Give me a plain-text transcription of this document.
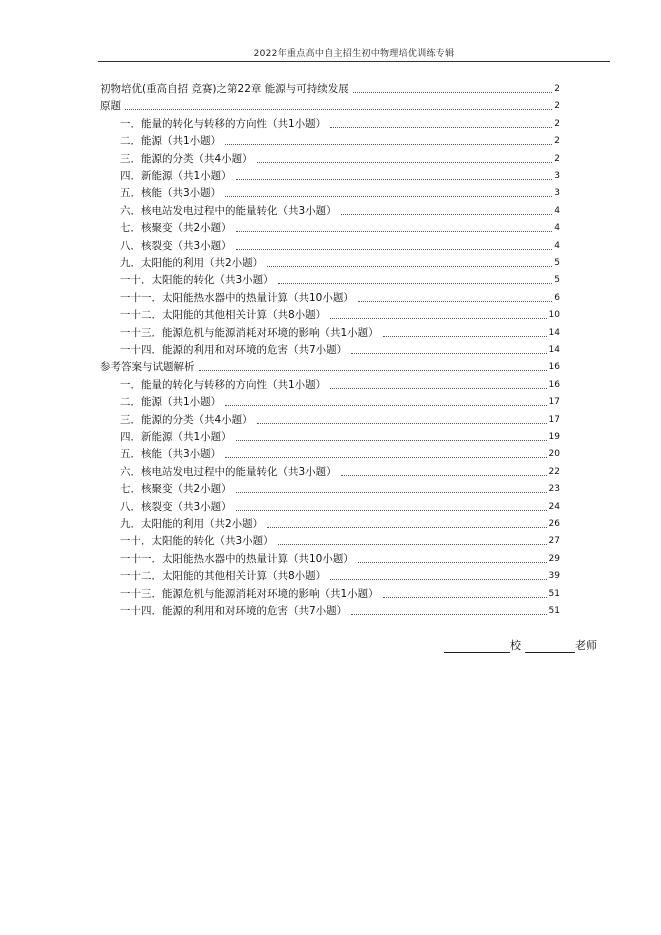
2022年重点高中自主招生初中物理培优训练专辑
初物培优(重高自招 竞赛)之第22章 能源与可持续发展	2
原题	2
一．能量的转化与转移的方向性（共1小题）	2
二．能源（共1小题）	2
三．能源的分类（共4小题）	2
四．新能源（共1小题）	3
五．核能（共3小题）	3
六．核电站发电过程中的能量转化（共3小题）	4
七．核聚变（共2小题）	4
八．核裂变（共3小题）	4
九．太阳能的利用（共2小题）	5
一十．太阳能的转化（共3小题）	5
一十一．太阳能热水器中的热量计算（共10小题）	6
一十二．太阳能的其他相关计算（共8小题）	10
一十三．能源危机与能源消耗对环境的影响（共1小题）	14
一十四．能源的利用和对环境的危害（共7小题）	14
参考答案与试题解析	16
一．能量的转化与转移的方向性（共1小题）	16
二．能源（共1小题）	17
三．能源的分类（共4小题）	17
四．新能源（共1小题）	19
五．核能（共3小题）	20
六．核电站发电过程中的能量转化（共3小题）	22
七．核聚变（共2小题）	23
八．核裂变（共3小题）	24
九．太阳能的利用（共2小题）	26
一十．太阳能的转化（共3小题）	27
一十一．太阳能热水器中的热量计算（共10小题）	29
一十二．太阳能的其他相关计算（共8小题）	39
一十三．能源危机与能源消耗对环境的影响（共1小题）	51
一十四．能源的利用和对环境的危害（共7小题）	51
校	老师
